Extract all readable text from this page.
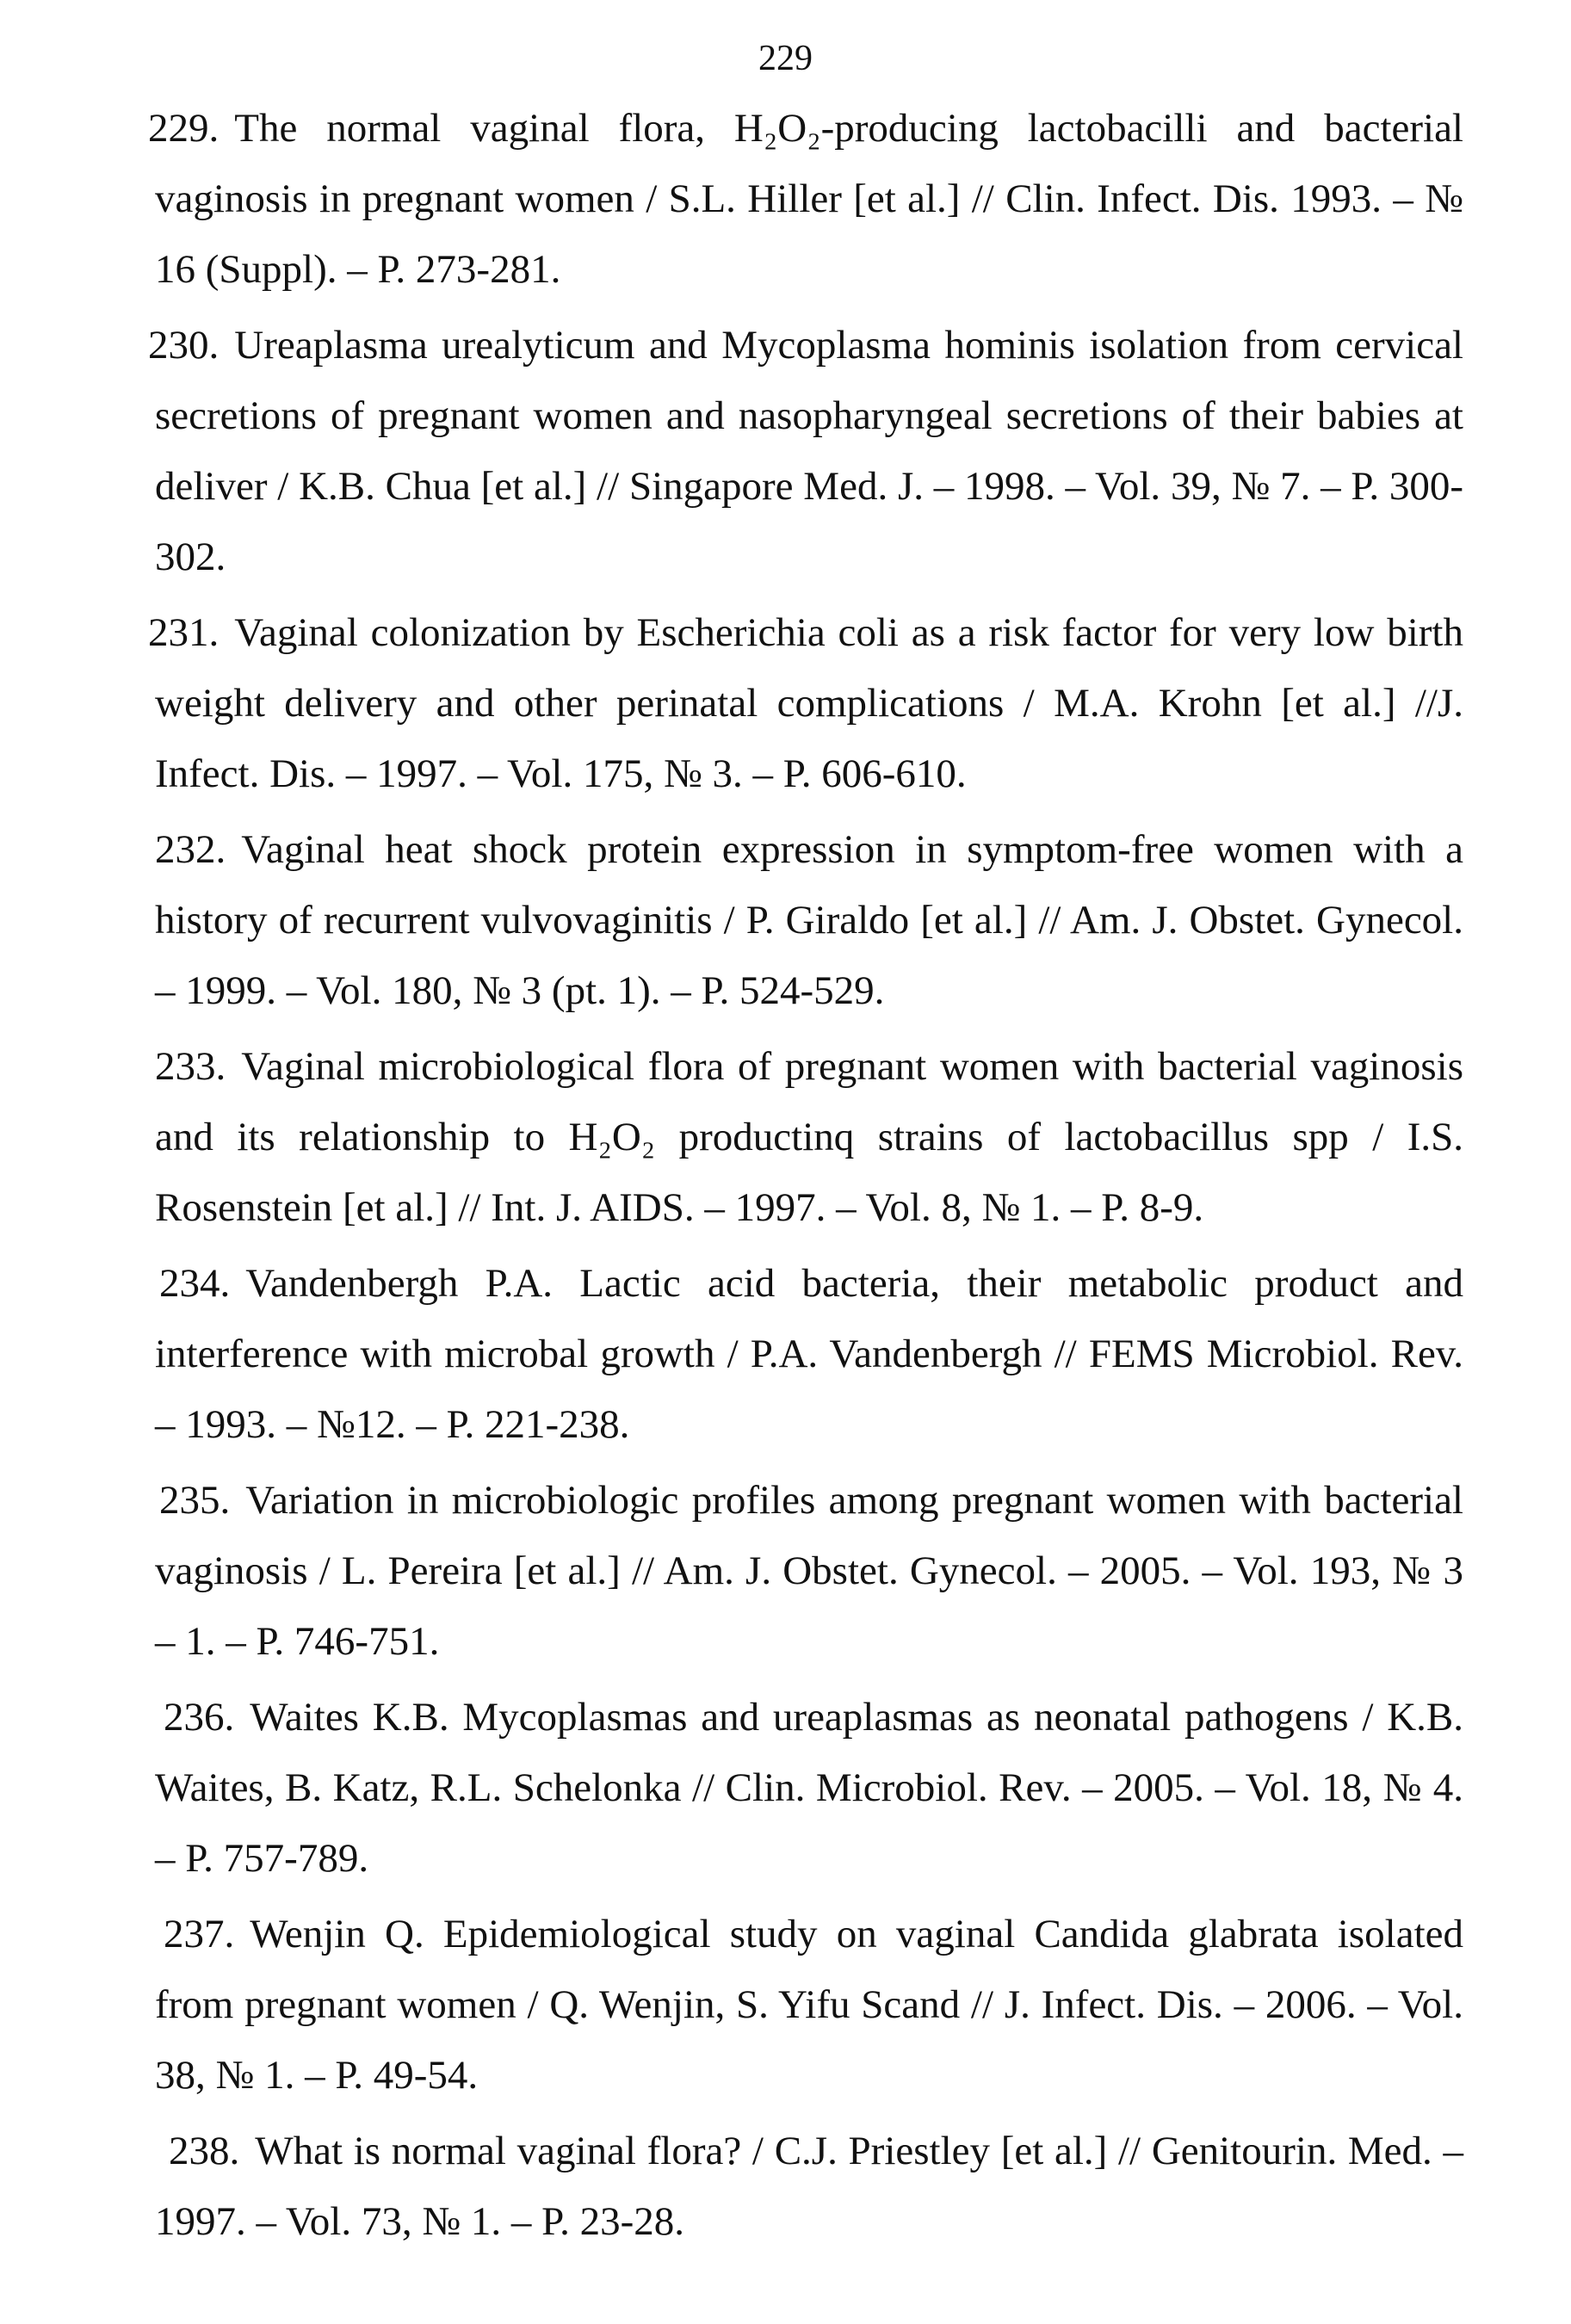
229
229. The normal vaginal flora, H₂O₂-producing lactobacilli and bacterial vaginosis in pregnant women / S.L. Hiller [et al.] // Clin. Infect. Dis. 1993. – № 16 (Suppl). – P. 273-281.
230. Ureaplasma urealyticum and Mycoplasma hominis isolation from cervical secretions of pregnant women and nasopharyngeal secretions of their babies at deliver / K.B. Chua [et al.] // Singapore Med. J. – 1998. – Vol. 39, № 7. – P. 300-302.
231. Vaginal colonization by Escherichia coli as a risk factor for very low birth weight delivery and other perinatal complications / M.A. Krohn [et al.] //J. Infect. Dis. – 1997. – Vol. 175, № 3. – P. 606-610.
232. Vaginal heat shock protein expression in symptom-free women with a history of recurrent vulvovaginitis / P. Giraldo [et al.] // Am. J. Obstet. Gynecol. – 1999. – Vol. 180, № 3 (pt. 1). – P. 524-529.
233. Vaginal microbiological flora of pregnant women with bacterial vaginosis and its relationship to H₂O₂ productinq strains of lactobacillus spp / I.S. Rosenstein [et al.] // Int. J. AIDS. – 1997. – Vol. 8, № 1. – P. 8-9.
234. Vandenbergh P.A. Lactic acid bacteria, their metabolic product and interference with microbal growth / P.A. Vandenbergh // FEMS Microbiol. Rev. – 1993. – №12. – P. 221-238.
235. Variation in microbiologic profiles among pregnant women with bacterial vaginosis / L. Pereira [et al.] // Am. J. Obstet. Gynecol. – 2005. – Vol. 193, № 3 – 1. – P. 746-751.
236. Waites K.B. Mycoplasmas and ureaplasmas as neonatal pathogens / K.B. Waites, B. Katz, R.L. Schelonka // Clin. Microbiol. Rev. – 2005. – Vol. 18, № 4. – P. 757-789.
237. Wenjin Q. Epidemiological study on vaginal Candida glabrata isolated from pregnant women / Q. Wenjin, S. Yifu Scand // J. Infect. Dis. – 2006. – Vol. 38, № 1. – P. 49-54.
238. What is normal vaginal flora? / C.J. Priestley [et al.] // Genitourin. Med. – 1997. – Vol. 73, № 1. – P. 23-28.
